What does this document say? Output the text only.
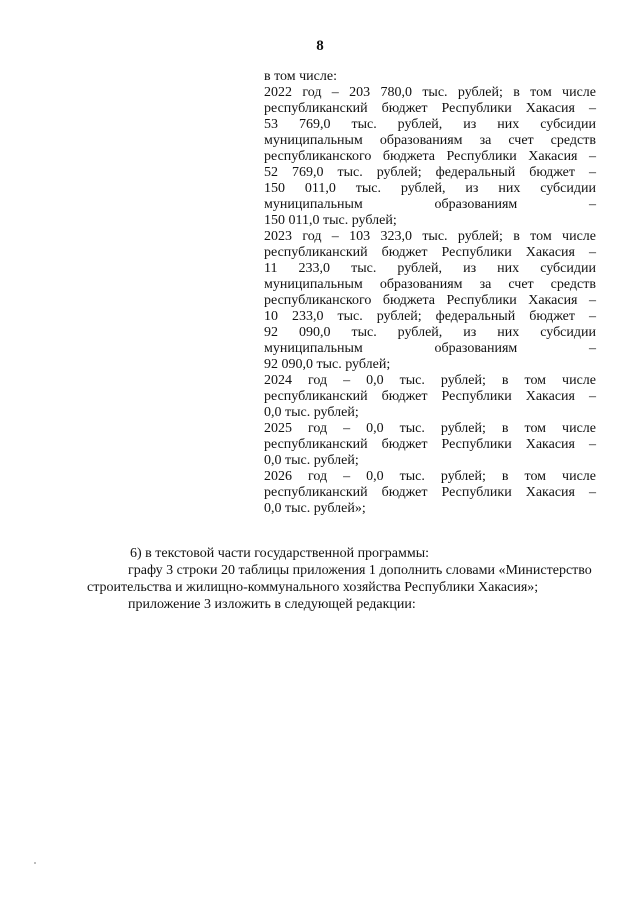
8
в том числе:
2022 год – 203 780,0 тыс. рублей; в том числе
республиканский бюджет Республики Хакасия –
53 769,0 тыс. рублей, из них субсидии
муниципальным образованиям за счет средств
республиканского бюджета Республики Хакасия –
52 769,0 тыс. рублей; федеральный бюджет –
150 011,0 тыс. рублей, из них субсидии
муниципальным образованиям –
150 011,0 тыс. рублей;
2023 год – 103 323,0 тыс. рублей; в том числе
республиканский бюджет Республики Хакасия –
11 233,0 тыс. рублей, из них субсидии
муниципальным образованиям за счет средств
республиканского бюджета Республики Хакасия –
10 233,0 тыс. рублей; федеральный бюджет –
92 090,0 тыс. рублей, из них субсидии
муниципальным образованиям –
92 090,0 тыс. рублей;
2024 год – 0,0 тыс. рублей; в том числе
республиканский бюджет Республики Хакасия –
0,0 тыс. рублей;
2025 год – 0,0 тыс. рублей; в том числе
республиканский бюджет Республики Хакасия –
0,0 тыс. рублей;
2026 год – 0,0 тыс. рублей; в том числе
республиканский бюджет Республики Хакасия –
0,0 тыс. рублей»;
6) в текстовой части государственной программы:
графу 3 строки 20 таблицы приложения 1 дополнить словами «Министерство
строительства и жилищно-коммунального хозяйства Республики Хакасия»;
приложение 3 изложить в следующей редакции:
